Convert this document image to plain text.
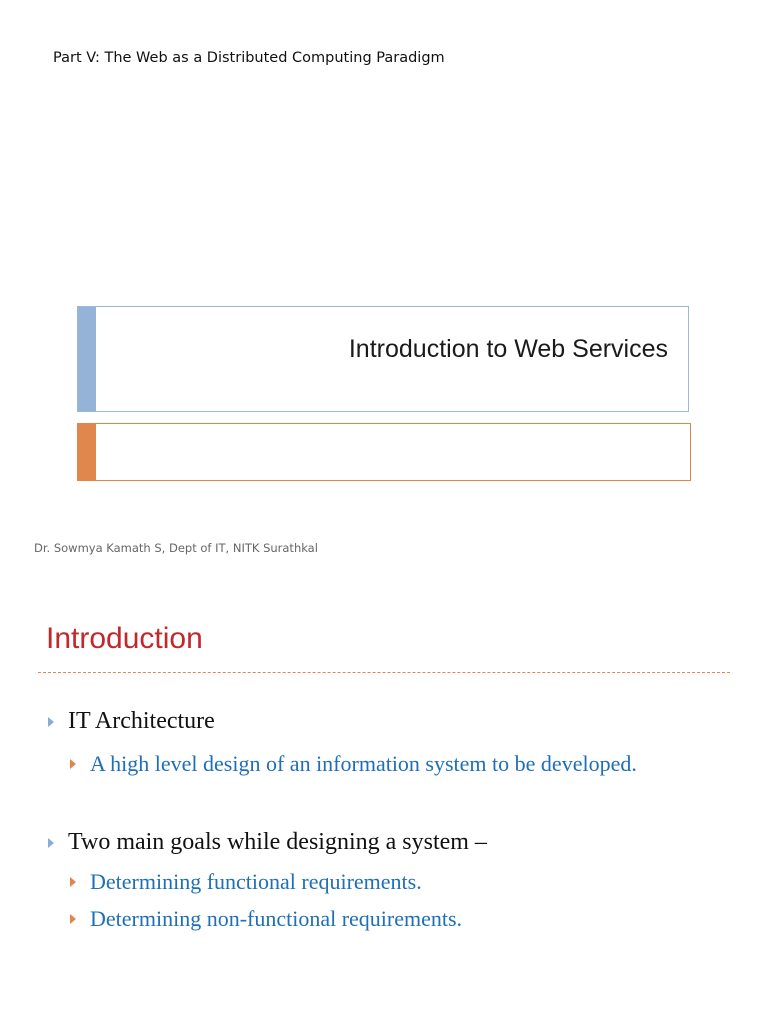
Part V: The Web as a Distributed Computing Paradigm
Introduction to Web Services
Dr. Sowmya Kamath S, Dept of IT, NITK Surathkal
Introduction
IT Architecture
A high level design of an information system to be developed.
Two main goals while designing a system –
Determining functional requirements.
Determining non-functional requirements.
